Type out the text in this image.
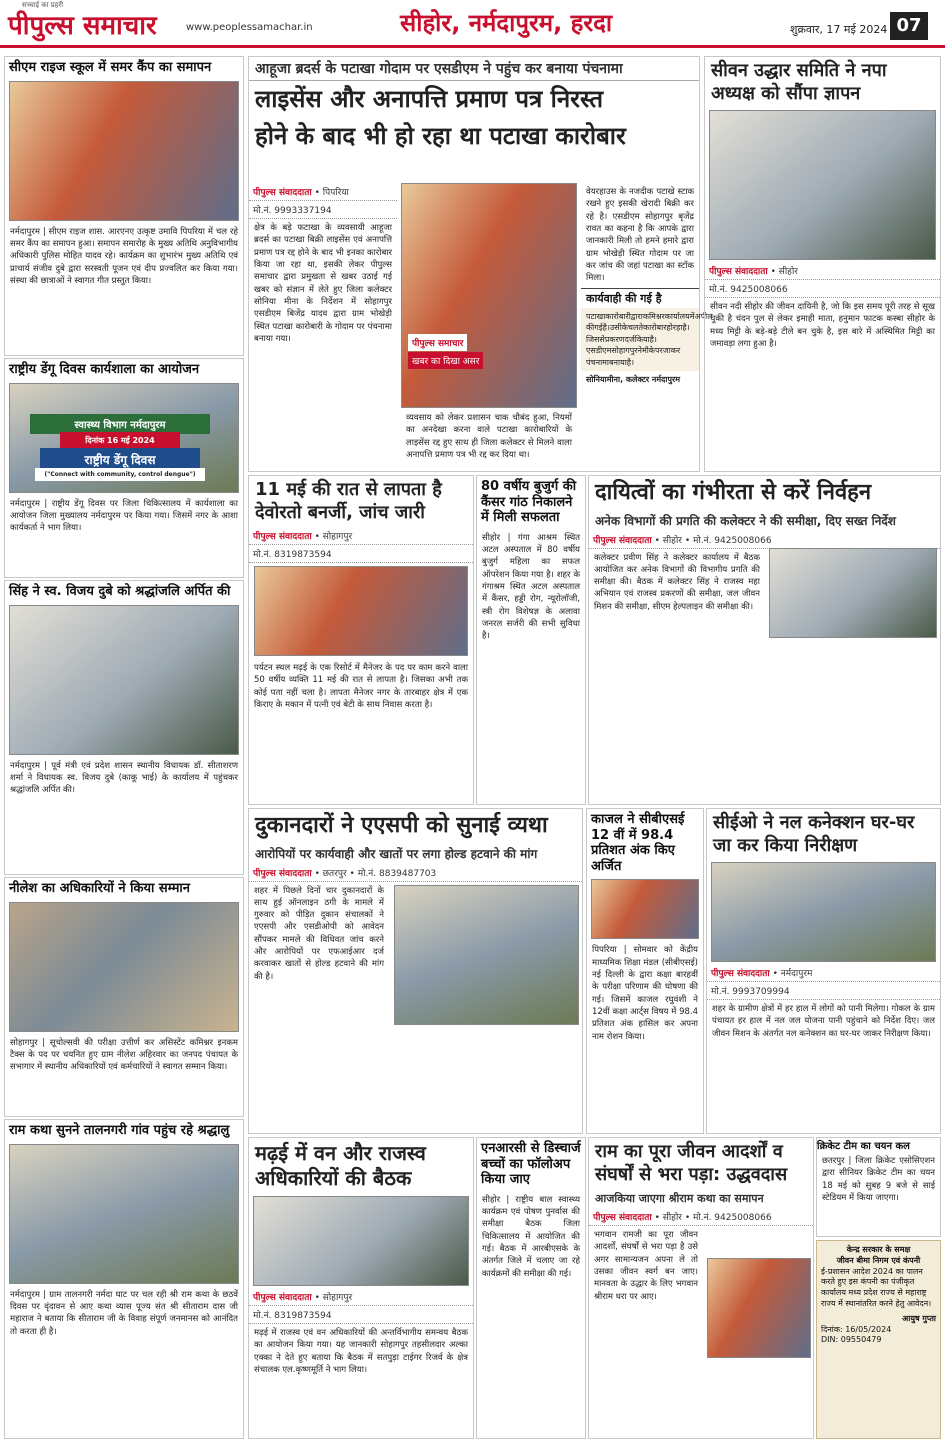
सच्चाई का प्रहरी
पीपुल्स समाचार	www.peoplessamachar.in	सीहोर, नर्मदापुरम, हरदा	शुक्रवार, 17 मई 2024 07
सीएम राइज स्कूल में समर कैंप का समापन
नर्मदापुरम | सीएम राइज शास. आरएनए उत्कृष्ट उमावि पिपरिया में चल रहे समर कैंप का समापन हुआ। समापन समारोह के मुख्य अतिथि अनुविभागीय अधिकारी पुलिस मोहित यादव रहे। कार्यक्रम का शुभारंभ मुख्य अतिथि एवं प्राचार्य संजीव दुबे द्वारा सरस्वती पूजन एवं दीप प्रज्वलित कर किया गया। संस्था की छात्राओं ने स्वागत गीत प्रस्तुत किया।
राष्ट्रीय डेंगू दिवस कार्यशाला का आयोजन
स्वास्थ्य विभाग नर्मदापुरम
दिनांक 16 मई 2024
राष्ट्रीय डेंगू दिवस
("Connect with community, control dengue")
नर्मदापुरम | राष्ट्रीय डेंगू दिवस पर जिला चिकित्सालय में कार्यशाला का आयोजन जिला मुख्यालय नर्मदापुरम पर किया गया। जिसमें नगर के आशा कार्यकर्ता ने भाग लिया।
सिंह ने स्व. विजय दुबे को श्रद्धांजलि अर्पित की
नर्मदापुरम | पूर्व मंत्री एवं प्रदेश शासन स्थानीय विधायक डॉ. सीताशरण शर्मा ने विधायक स्व. विजय दुबे (काकू भाई) के कार्यालय में पहुंचकर श्रद्धांजलि अर्पित की।
नीलेश का अधिकारियों ने किया सम्मान
सोहागपुर | सूचोल्सवी की परीक्षा उत्तीर्ण कर असिस्टेंट कमिश्नर इनकम टैक्स के पद पर चयनित हुए ग्राम नीलेश अहिरवार का जनपद पंचायत के सभागार में स्थानीय अधिकारियों एवं कर्मचारियों ने स्वागत सम्मान किया।
राम कथा सुनने तालनगरी गांव पहुंच रहे श्रद्धालु
नर्मदापुरम | ग्राम तालनगरी नर्मदा घाट पर चल रही श्री राम कथा के छठवें दिवस पर वृंदावन से आए कथा व्यास पूज्य संत श्री सीताराम दास जी महाराज ने बताया कि सीताराम जी के विवाह संपूर्ण जनमानस को आनंदित तो करता ही है।
आहूजा ब्रदर्स के पटाखा गोदाम पर एसडीएम ने पहुंच कर बनाया पंचनामा
लाइसेंस और अनापत्ति प्रमाण पत्र निरस्त
होने के बाद भी हो रहा था पटाखा कारोबार
पीपुल्स संवाददाता • पिपरिया
मो.नं. 9993337194
क्षेत्र के बड़े फटाखा के व्यवसायी आहूजा ब्रदर्स का पटाखा बिक्री लाइसेंस एवं अनापत्ति प्रमाण पत्र रद्द होने के बाद भी इनका कारोबार किया जा रहा था, इसकी लेकर पीपुल्स समाचार द्वारा प्रमुखता से खबर उठाई गई खबर को संज्ञान में लेते हुए जिला कलेक्टर सोनिया मीना के निर्देशन में सोहागपुर एसडीएम बिजेंद्र यादव द्वारा ग्राम भोखेड़ी स्थित पटाखा कारोबारी के गोदाम पर पंचनामा बनाया गया।
पीपुल्स समाचार
खबर का दिखा असर
व्यवसाय को लेकर प्रशासन चाक चौबंद हुआ, नियमों का अनदेखा करना वाले पटाखा कारोबारियों के लाइसेंस रद्द हुए साथ ही जिला कलेक्टर से मिलने वाला अनापत्ति प्रमाण पत्र भी रद्द कर दिया था।
वेयरहाउस के नजदीक पटाखे स्टाक रखने हुए इसकी खेरादी बिक्री कर रहे है। एसडीएम सोहागपुर बृजेंद्र रावत का कहना है कि आपके द्वारा जानकारी मिली तो हमने हमारे द्वारा ग्राम भोखेड़ी स्थित गोदाम पर जा कर जांच की जहां पटाखा का स्टॉक मिला।
कार्यवाही की गई है
पटाखाकारोबारीद्वाराकमिश्नरकार्यालयमेंअपील कीगईहै।उसीकेचलतेकारोबारहोरहाहै।जिससेप्रकरणदर्जकियाहै। एसडीएमसोहागपुरनेमौकेपरजाकर पंचनामाबनायाहै।
सोनियामीना, कलेक्टर नर्मदापुरम
सीवन उद्धार समिति ने नपा अध्यक्ष को सौंपा ज्ञापन
पीपुल्स संवाददाता • सीहोर
मो.नं. 9425008066
सीवन नदी सीहोर की जीवन दायिनी है, जो कि इस समय पूरी तरह से सूख चुकी है चंदन पुल से लेकर इमाही माता, हनुमान फाटक कस्बा सीहोर के मध्य मिट्टी के बड़े-बड़े टीले बन चुके है, इस बारे में अस्थिमित मिट्टी का जमावड़ा लगा हुआ है।
11 मई की रात से लापता है देवोरतो बनर्जी, जांच जारी
पीपुल्स संवाददाता • सोहागपुर
मो.नं. 8319873594
पर्यटन स्थल मढ़ई के एक रिसोर्ट में मैनेजर के पद पर काम करने वाला 50 वर्षीय व्यक्ति 11 मई की रात से लापता है। जिसका अभी तक कोई पता नहीं चला है। लापता मैनेजर नगर के तारबाहर क्षेत्र में एक किराए के मकान में पत्नी एवं बेटी के साथ निवास करता है।
80 वर्षीय बुजुर्ग की कैंसर गांठ निकालने में मिली सफलता
सीहोर | गंगा आश्रम स्थित अटल अस्पताल में 80 वर्षीय बुजुर्ग महिला का सफल ऑपरेशन किया गया है। शहर के गंगाश्रम स्थित अटल अस्पताल में कैंसर, हड्डी रोग, न्यूरोलॉजी, स्त्री रोग विशेषज्ञ के अलावा जनरल सर्जरी की सभी सुविधा है।
दायित्वों का गंभीरता से करें निर्वहन
अनेक विभागों की प्रगति की कलेक्टर ने की समीक्षा, दिए सख्त निर्देश
पीपुल्स संवाददाता • सीहोर • मो.नं. 9425008066
कलेक्टर प्रवीण सिंह ने कलेक्टर कार्यालय में बैठक आयोजित कर अनेक विभागों की विभागीय प्रगति की समीक्षा की। बैठक में कलेक्टर सिंह ने राजस्व महा अभियान एवं राजस्व प्रकरणों की समीक्षा, जल जीवन मिशन की समीक्षा, सीएम हेल्पलाइन की समीक्षा की।
दुकानदारों ने एएसपी को सुनाई व्यथा
आरोपियों पर कार्यवाही और खातों पर लगा होल्ड हटवाने की मांग
पीपुल्स संवाददाता • छतरपुर • मो.नं. 8839487703
शहर में पिछले दिनों चार दुकानदारों के साथ हुई ऑनलाइन ठगी के मामले में गुरुवार को पीड़ित दुकान संचालकों ने एएसपी और एसडीओपी को आवेदन सौंपकर मामले की विधिवत जांच करने और आरोपियों पर एफआईआर दर्ज करवाकर खातों से होल्ड हटवाने की मांग की है।
काजल ने सीबीएसई 12 वीं में 98.4 प्रतिशत अंक किए अर्जित
पिपरिया | सोमवार को केंद्रीय माध्यमिक शिक्षा मंडल (सीबीएसई) नई दिल्ली के द्वारा कक्षा बारहवीं के परीक्षा परिणाम की घोषणा की गई। जिसमें काजल रघुवंशी ने 12वीं कक्षा आर्ट्स विषय में 98.4 प्रतिशत अंक हासिल कर अपना नाम रोशन किया।
सीईओ ने नल कनेक्शन घर-घर जा कर किया निरीक्षण
पीपुल्स संवाददाता • नर्मदापुरम
मो.नं. 9993709994
शहर के ग्रामीण क्षेत्रों में हर हाल में लोगों को पानी मिलेगा। गोकल के ग्राम पंचायत हर हाल में नल जल योजना पानी पहुंचाने को निर्देश दिए। जल जीवन मिशन के अंतर्गत नल कनेक्शन का घर-घर जाकर निरीक्षण किया।
मढ़ई में वन और राजस्व अधिकारियों की बैठक
पीपुल्स संवाददाता • सोहागपुर
मो.नं. 8319873594
मढ़ई में राजस्व एवं वन अधिकारियों की अन्तर्विभागीय समन्वय बैठक का आयोजन किया गया। यह जानकारी सोहागपुर तहसीलदार अल्का एक्का ने देते हुए बताया कि बैठक में सतपुड़ा टाईगर रिजर्व के क्षेत्र संचालक एल.कृष्णमूर्ति ने भाग लिया।
एनआरसी से डिस्चार्ज बच्चों का फॉलोअप किया जाए
सीहोर | राष्ट्रीय बाल स्वास्थ्य कार्यक्रम एवं पोषण पुनर्वास की समीक्षा बैठक जिला चिकित्सालय में आयोजित की गई। बैठक में आरबीएसके के अंतर्गत जिले में चलाए जा रहे कार्यक्रमों की समीक्षा की गई।
राम का पूरा जीवन आदर्शों व संघर्षों से भरा पड़ा: उद्धवदास
आजकिया जाएगा श्रीराम कथा का समापन
पीपुल्स संवाददाता • सीहोर • मो.नं. 9425008066
भगवान रामजी का पूरा जीवन आदर्शों, संघर्षों से भरा पड़ा है उसे अगर सामान्यजन अपना ले तो उसका जीवन स्वर्ग बन जाए। मानवता के उद्धार के लिए भगवान श्रीराम धरा पर आए।
क्रिकेट टीम का चयन कल
छतरपुर | जिला क्रिकेट एसोसिएशन द्वारा सीनियर क्रिकेट टीम का चयन 18 मई को सुबह 9 बजे से साई स्टेडियम में किया जाएगा।
केन्द्र सरकार के समक्ष
जीवन बीमा निगम एवं कंपनी
ई-प्रशासन आदेश 2024 का पालन करते हुए इस कंपनी का पंजीकृत कार्यालय मध्य प्रदेश राज्य से महाराष्ट्र राज्य में स्थानांतरित करने हेतु आवेदन।
आयुष गुप्ता
दिनांक: 16/05/2024
DIN: 09550479
